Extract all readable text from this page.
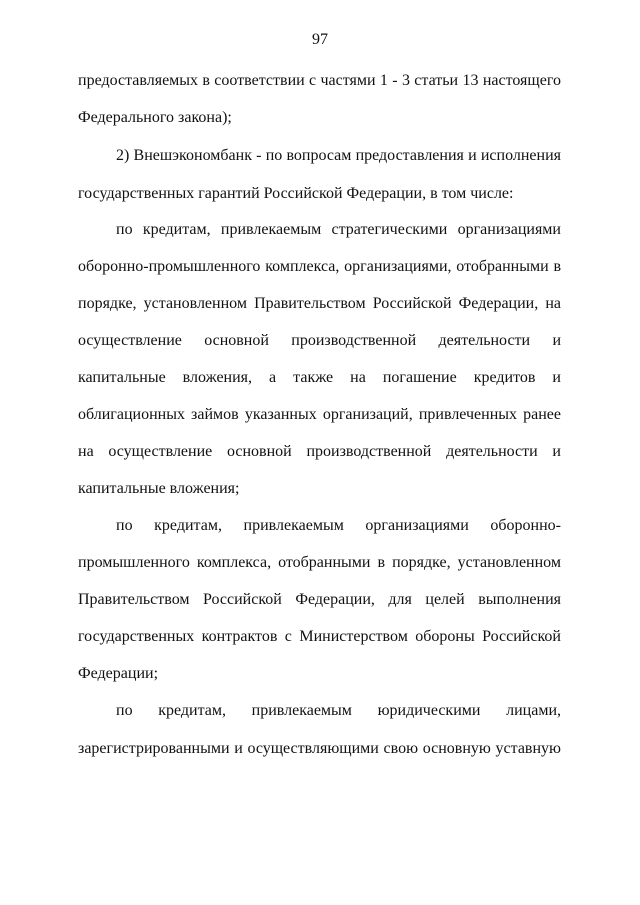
97
предоставляемых в соответствии с частями 1 - 3 статьи 13 настоящего
Федерального закона);
2) Внешэкономбанк - по вопросам предоставления и исполнения
государственных гарантий Российской Федерации, в том числе:
по кредитам, привлекаемым стратегическими организациями
оборонно-промышленного комплекса, организациями, отобранными в
порядке, установленном Правительством Российской Федерации, на
осуществление основной производственной деятельности и
капитальные вложения, а также на погашение кредитов и
облигационных займов указанных организаций, привлеченных ранее
на осуществление основной производственной деятельности и
капитальные вложения;
по кредитам, привлекаемым организациями оборонно-
промышленного комплекса, отобранными в порядке, установленном
Правительством Российской Федерации, для целей выполнения
государственных контрактов с Министерством обороны Российской
Федерации;
по кредитам, привлекаемым юридическими лицами,
зарегистрированными и осуществляющими свою основную уставную
